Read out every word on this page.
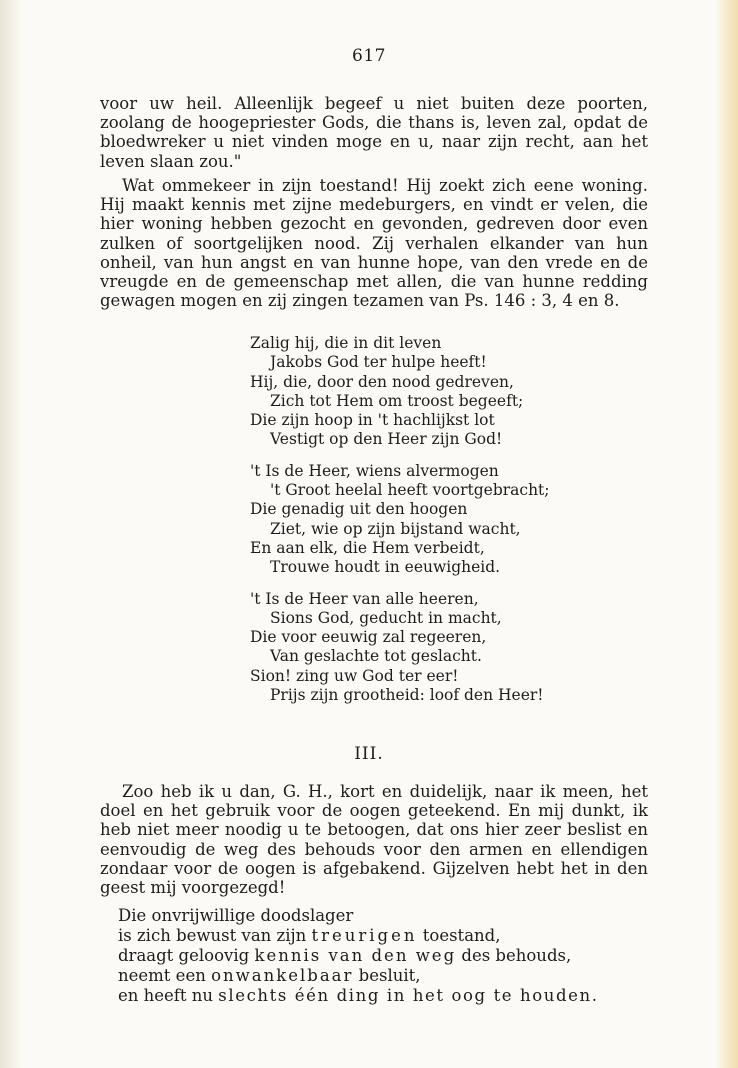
617

voor uw heil. Alleenlijk begeef u niet buiten deze poorten, zoolang de hoogepriester Gods, die thans is, leven zal, opdat de bloedwreker u niet vinden moge en u, naar zijn recht, aan het leven slaan zou."

Wat ommekeer in zijn toestand! Hij zoekt zich eene woning. Hij maakt kennis met zijne medeburgers, en vindt er velen, die hier woning hebben gezocht en gevonden, gedreven door even zulken of soortgelijken nood. Zij verhalen elkander van hun onheil, van hun angst en van hunne hope, van den vrede en de vreugde en de gemeenschap met allen, die van hunne redding gewagen mogen en zij zingen tezamen van Ps. 146 : 3, 4 en 8.

Zalig hij, die in dit leven
Jakobs God ter hulpe heeft!
Hij, die, door den nood gedreven,
Zich tot Hem om troost begeeft;
Die zijn hoop in 't hachlijkst lot
Vestigt op den Heer zijn God!
't Is de Heer, wiens alvermogen
't Groot heelal heeft voortgebracht;
Die genadig uit den hoogen
Ziet, wie op zijn bijstand wacht,
En aan elk, die Hem verbeidt,
Trouwe houdt in eeuwigheid.
't Is de Heer van alle heeren,
Sions God, geducht in macht,
Die voor eeuwig zal regeeren,
Van geslachte tot geslacht.
Sion! zing uw God ter eer!
Prijs zijn grootheid: loof den Heer!
III.

Zoo heb ik u dan, G. H., kort en duidelijk, naar ik meen, het doel en het gebruik voor de oogen geteekend. En mij dunkt, ik heb niet meer noodig u te betoogen, dat ons hier zeer beslist en eenvoudig de weg des behouds voor den armen en ellendigen zondaar voor de oogen is afgebakend. Gijzelven hebt het in den geest mij voorgezegd!

Die onvrijwillige doodslager
is zich bewust van zijn treurigen toestand,
draagt geloovig kennis van den weg des behouds,
neemt een onwankelbaar besluit,
en heeft nu slechts één ding in het oog te houden.
